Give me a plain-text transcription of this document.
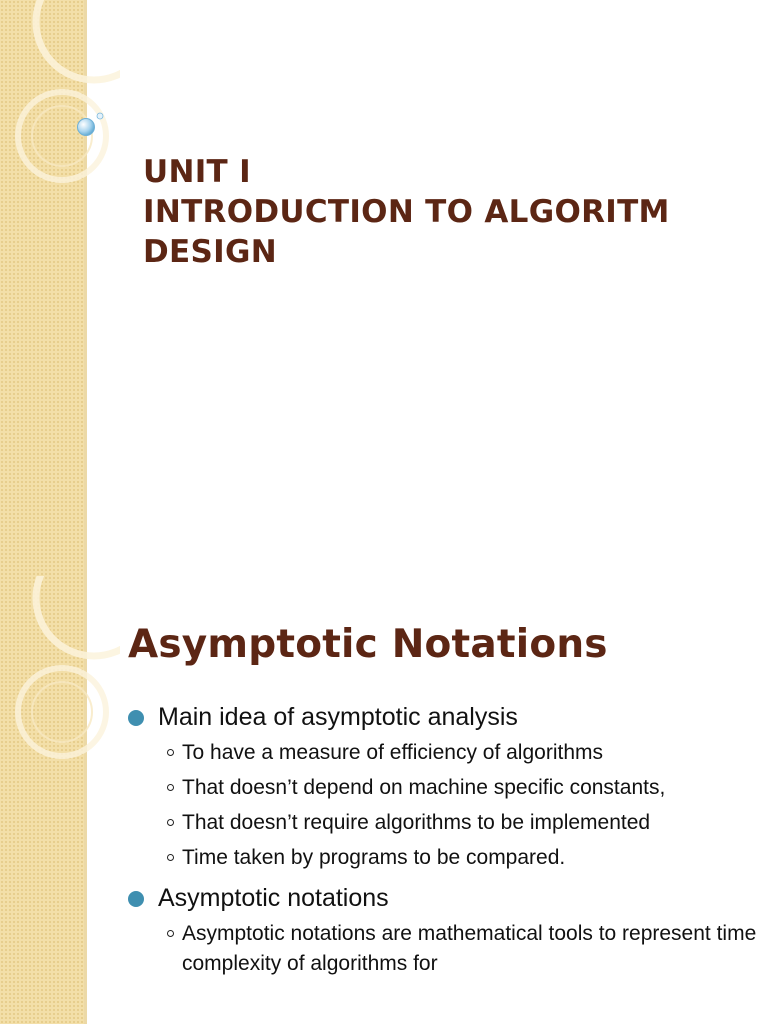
UNIT I
INTRODUCTION TO ALGORITM
DESIGN
Asymptotic Notations
Main idea of asymptotic analysis
To have a measure of efficiency of algorithms
That doesn’t depend on machine specific constants,
That doesn’t require algorithms to be implemented
Time taken by programs to be compared.
Asymptotic notations
Asymptotic notations are mathematical tools to represent time complexity of algorithms for
